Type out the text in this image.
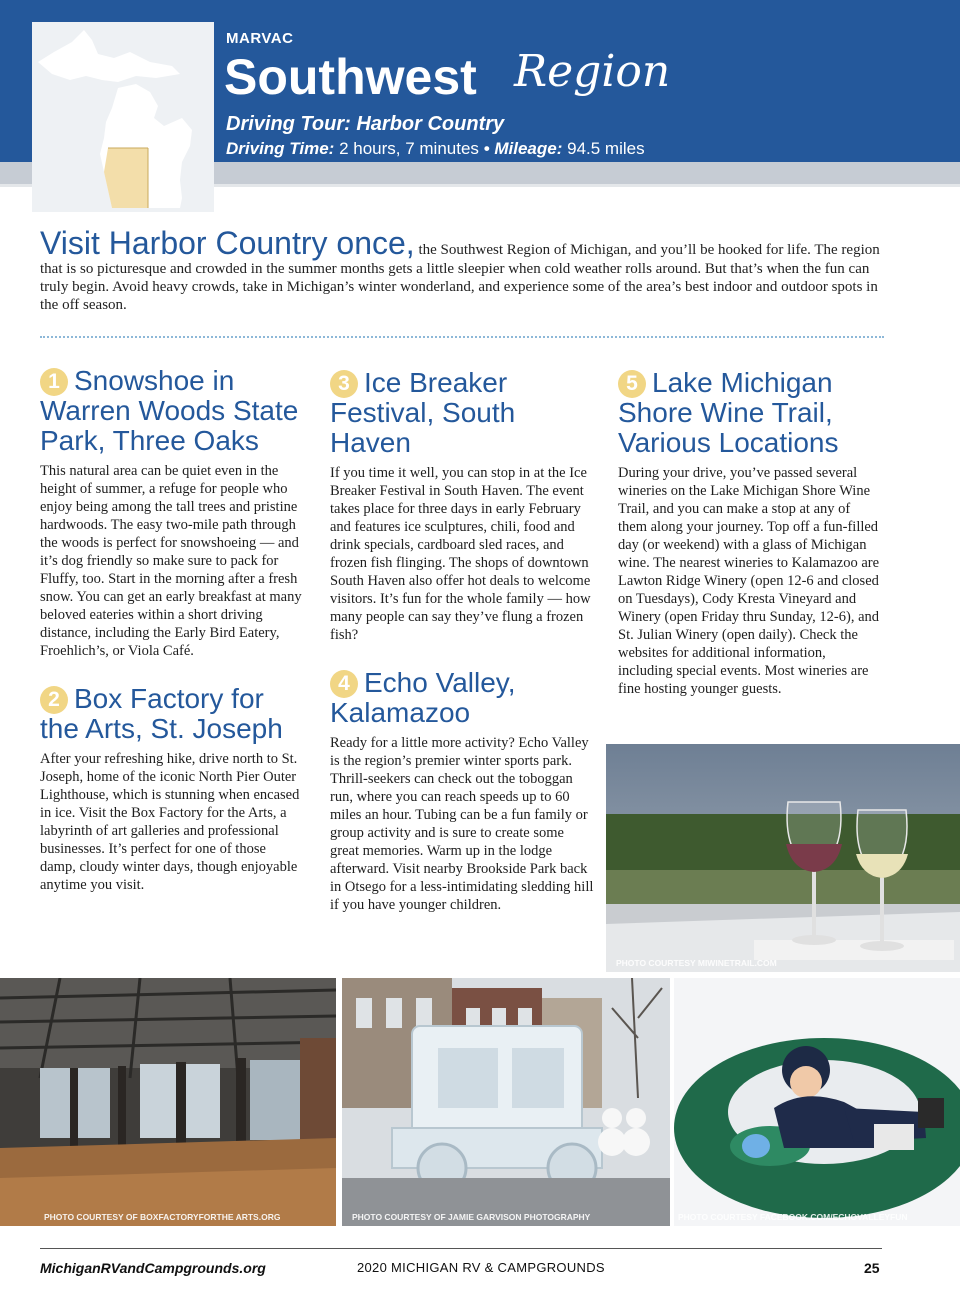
MARVAC
Southwest Region
Driving Tour: Harbor Country
Driving Time: 2 hours, 7 minutes • Mileage: 94.5 miles
Visit Harbor Country once, the Southwest Region of Michigan, and you’ll be hooked for life. The region that is so picturesque and crowded in the summer months gets a little sleepier when cold weather rolls around. But that’s when the fun can truly begin. Avoid heavy crowds, take in Michigan’s winter wonderland, and experience some of the area’s best indoor and outdoor spots in the off season.
1 Snowshoe in Warren Woods State Park, Three Oaks
This natural area can be quiet even in the height of summer, a refuge for people who enjoy being among the tall trees and pristine hardwoods. The easy two-mile path through the woods is perfect for snowshoeing — and it’s dog friendly so make sure to pack for Fluffy, too. Start in the morning after a fresh snow. You can get an early breakfast at many beloved eateries within a short driving distance, including the Early Bird Eatery, Froehlich’s, or Viola Café.
2 Box Factory for the Arts, St. Joseph
After your refreshing hike, drive north to St. Joseph, home of the iconic North Pier Outer Lighthouse, which is stunning when encased in ice. Visit the Box Factory for the Arts, a labyrinth of art galleries and professional businesses. It’s perfect for one of those damp, cloudy winter days, though enjoyable anytime you visit.
3 Ice Breaker Festival, South Haven
If you time it well, you can stop in at the Ice Breaker Festival in South Haven. The event takes place for three days in early February and features ice sculptures, chili, food and drink specials, cardboard sled races, and frozen fish flinging. The shops of downtown South Haven also offer hot deals to welcome visitors. It’s fun for the whole family — how many people can say they’ve flung a frozen fish?
4 Echo Valley, Kalamazoo
Ready for a little more activity? Echo Valley is the region’s premier winter sports park. Thrill-seekers can check out the toboggan run, where you can reach speeds up to 60 miles an hour. Tubing can be a fun family or group activity and is sure to create some great memories. Warm up in the lodge afterward. Visit nearby Brookside Park back in Otsego for a less-intimidating sledding hill if you have younger children.
5 Lake Michigan Shore Wine Trail, Various Locations
During your drive, you’ve passed several wineries on the Lake Michigan Shore Wine Trail, and you can make a stop at any of them along your journey. Top off a fun-filled day (or weekend) with a glass of Michigan wine. The nearest wineries to Kalamazoo are Lawton Ridge Winery (open 12-6 and closed on Tuesdays), Cody Kresta Vineyard and Winery (open Friday thru Sunday, 12-6), and St. Julian Winery (open daily). Check the websites for additional information, including special events. Most wineries are fine hosting younger guests.
PHOTO COURTESY MIWINETRAIL.COM
PHOTO COURTESY OF BOXFACTORYFORTHE ARTS.ORG	PHOTO COURTESY OF JAMIE GARVISON PHOTOGRAPHY	PHOTO COURTESY FACEBOOK.COM/ECHOVALLEYFUN
MichiganRVandCampgrounds.org	2020 MICHIGAN RV & CAMPGROUNDS	25
